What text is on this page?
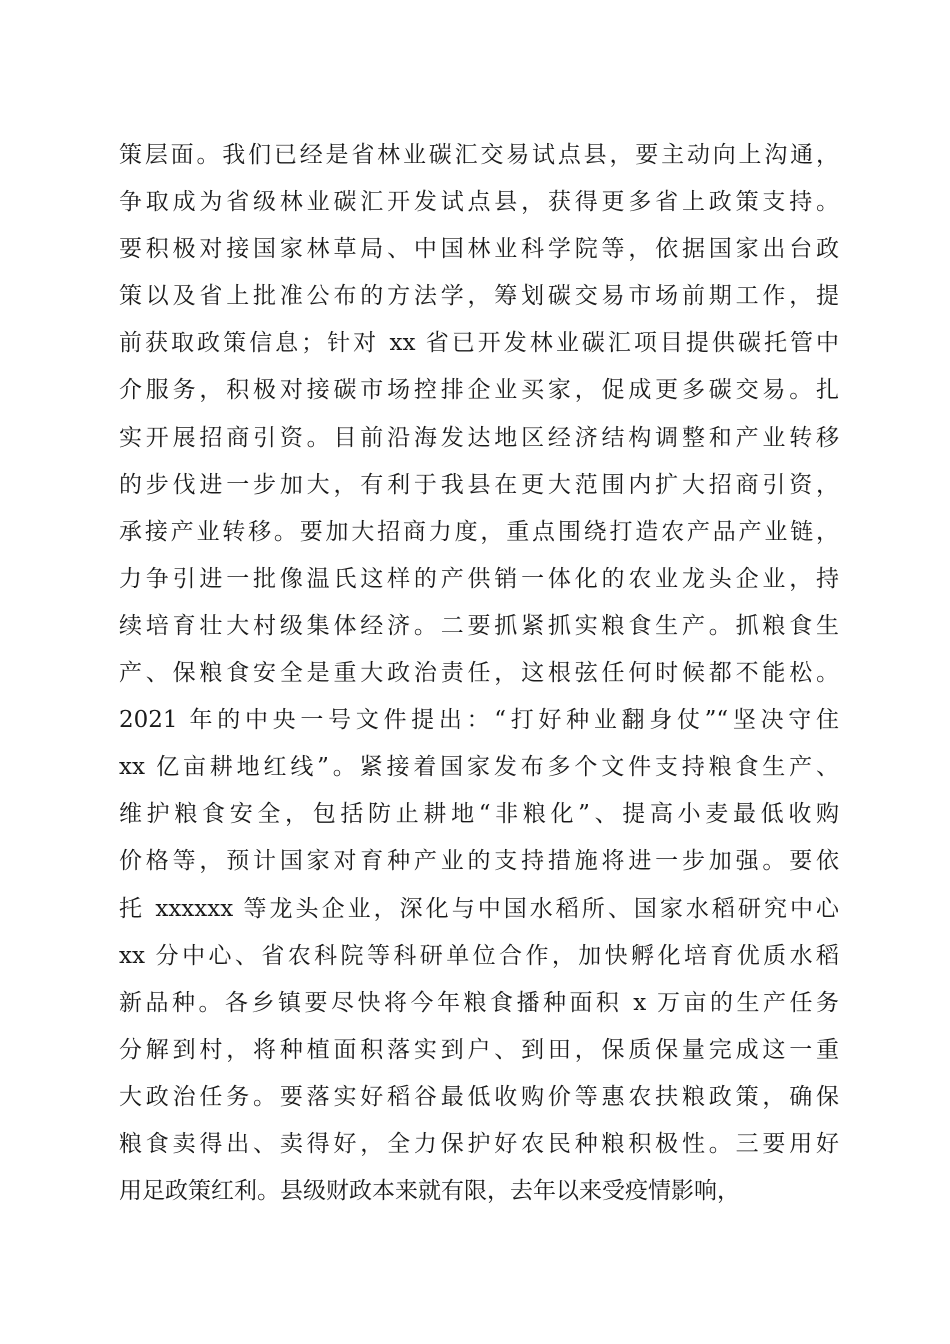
策层面。我们已经是省林业碳汇交易试点县，要主动向上沟通，
争取成为省级林业碳汇开发试点县，获得更多省上政策支持。
要积极对接国家林草局、中国林业科学院等，依据国家出台政
策以及省上批准公布的方法学，筹划碳交易市场前期工作，提
前获取政策信息；针对 xx 省已开发林业碳汇项目提供碳托管中
介服务，积极对接碳市场控排企业买家，促成更多碳交易。扎
实开展招商引资。目前沿海发达地区经济结构调整和产业转移
的步伐进一步加大，有利于我县在更大范围内扩大招商引资，
承接产业转移。要加大招商力度，重点围绕打造农产品产业链，
力争引进一批像温氏这样的产供销一体化的农业龙头企业，持
续培育壮大村级集体经济。二要抓紧抓实粮食生产。抓粮食生
产、保粮食安全是重大政治责任，这根弦任何时候都不能松。
2021 年的中央一号文件提出：“打好种业翻身仗”“坚决守住
xx 亿亩耕地红线”。紧接着国家发布多个文件支持粮食生产、
维护粮食安全，包括防止耕地“非粮化”、提高小麦最低收购
价格等，预计国家对育种产业的支持措施将进一步加强。要依
托 xxxxxx 等龙头企业，深化与中国水稻所、国家水稻研究中心
xx 分中心、省农科院等科研单位合作，加快孵化培育优质水稻
新品种。各乡镇要尽快将今年粮食播种面积 x 万亩的生产任务
分解到村，将种植面积落实到户、到田，保质保量完成这一重
大政治任务。要落实好稻谷最低收购价等惠农扶粮政策，确保
粮食卖得出、卖得好，全力保护好农民种粮积极性。三要用好
用足政策红利。县级财政本来就有限，去年以来受疫情影响，
